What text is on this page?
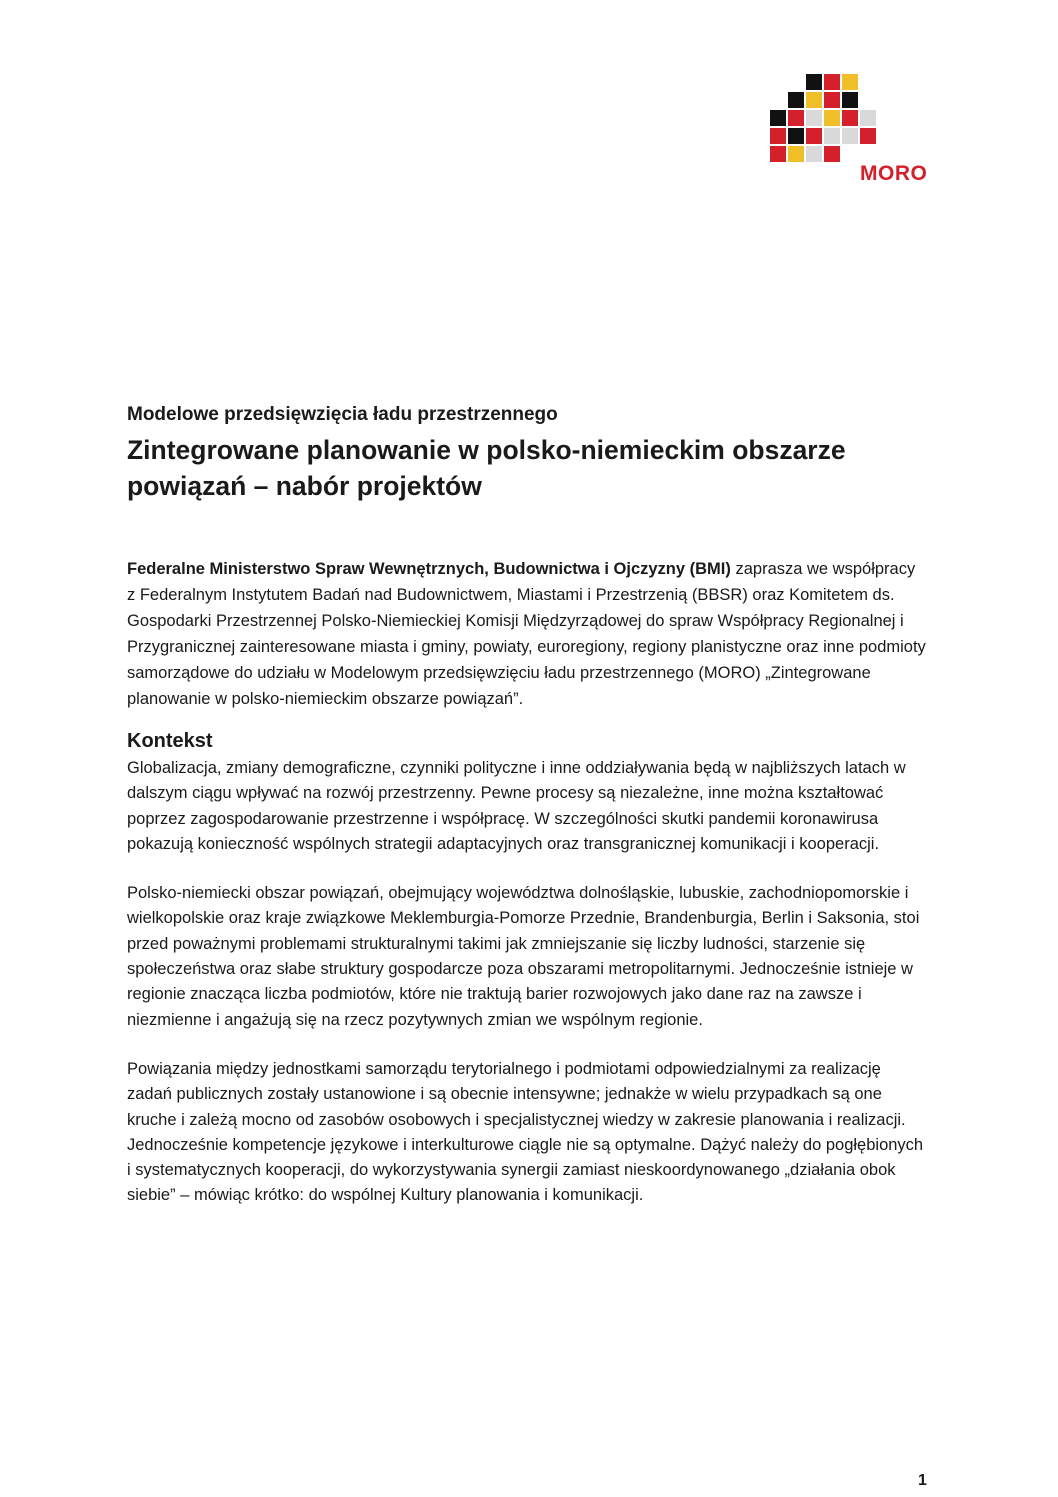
MORO

Modelowe przedsięwzięcia ładu przestrzennego

Zintegrowane planowanie w polsko-niemieckim obszarze
powiązań – nabór projektów

Federalne Ministerstwo Spraw Wewnętrznych, Budownictwa i Ojczyzny (BMI) zaprasza we współpracy z Federalnym Instytutem Badań nad Budownictwem, Miastami i Przestrzenią (BBSR) oraz Komitetem ds. Gospodarki Przestrzennej Polsko-Niemieckiej Komisji Międzyrządowej do spraw Współpracy Regionalnej i Przygranicznej zainteresowane miasta i gminy, powiaty, euroregiony, regiony planistyczne oraz inne podmioty samorządowe do udziału w Modelowym przedsięwzięciu ładu przestrzennego (MORO) „Zintegrowane planowanie w polsko-niemieckim obszarze powiązań”.

Kontekst

Globalizacja, zmiany demograficzne, czynniki polityczne i inne oddziaływania będą w najbliższych latach w dalszym ciągu wpływać na rozwój przestrzenny. Pewne procesy są niezależne, inne można kształtować poprzez zagospodarowanie przestrzenne i współpracę. W szczególności skutki pandemii koronawirusa pokazują konieczność wspólnych strategii adaptacyjnych oraz transgranicznej komunikacji i kooperacji.

Polsko-niemiecki obszar powiązań, obejmujący województwa dolnośląskie, lubuskie, zachodniopomorskie i wielkopolskie oraz kraje związkowe Meklemburgia-Pomorze Przednie, Brandenburgia, Berlin i Saksonia, stoi przed poważnymi problemami strukturalnymi takimi jak zmniejszanie się liczby ludności, starzenie się społeczeństwa oraz słabe struktury gospodarcze poza obszarami metropolitarnymi. Jednocześnie istnieje w regionie znacząca liczba podmiotów, które nie traktują barier rozwojowych jako dane raz na zawsze i niezmienne i angażują się na rzecz pozytywnych zmian we wspólnym regionie.

Powiązania między jednostkami samorządu terytorialnego i podmiotami odpowiedzialnymi za realizację zadań publicznych zostały ustanowione i są obecnie intensywne; jednakże w wielu przypadkach są one kruche i zależą mocno od zasobów osobowych i specjalistycznej wiedzy w zakresie planowania i realizacji. Jednocześnie kompetencje językowe i interkulturowe ciągle nie są optymalne. Dążyć należy do pogłębionych i systematycznych kooperacji, do wykorzystywania synergii zamiast nieskoordynowanego „działania obok siebie” – mówiąc krótko: do wspólnej Kultury planowania i komunikacji.

1
